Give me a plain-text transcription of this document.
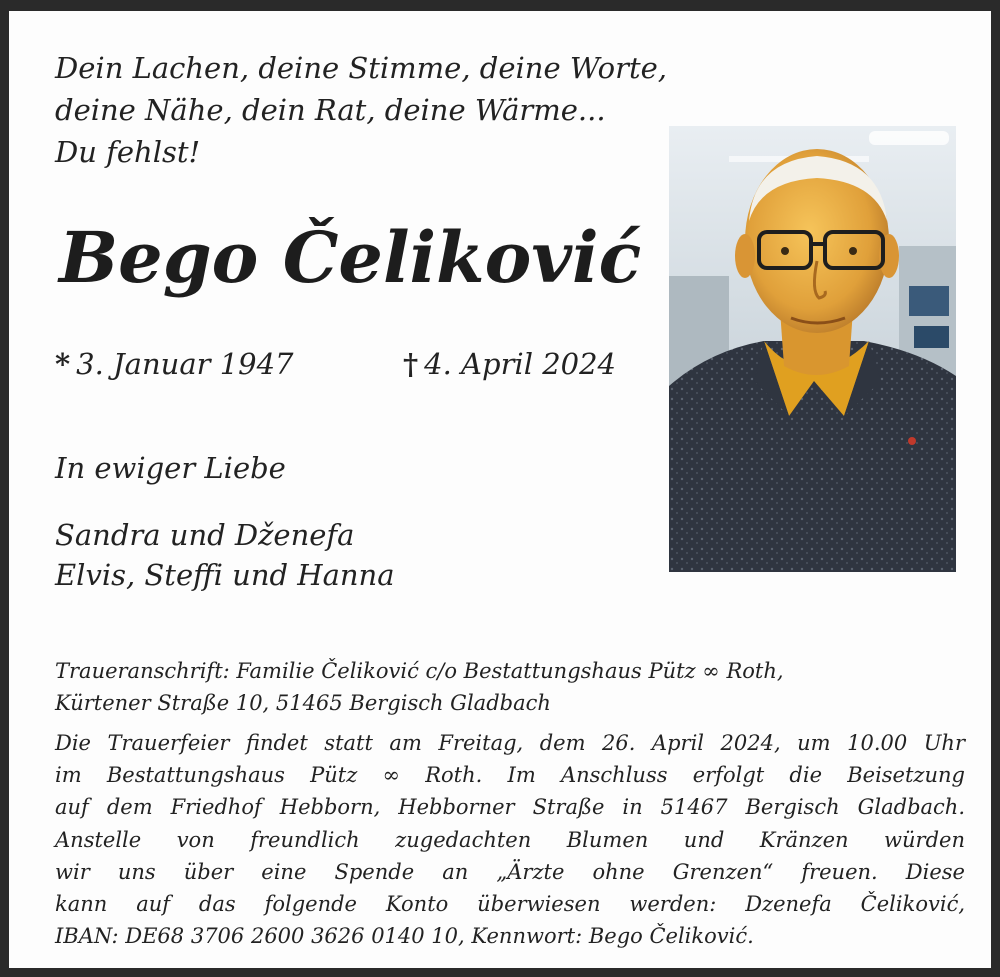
Dein Lachen, deine Stimme, deine Worte,
deine Nähe, dein Rat, deine Wärme...
Du fehlst!
Bego Čeliković
* 3. Januar 1947	† 4. April 2024
In ewiger Liebe
Sandra und Dženefa
Elvis, Steffi und Hanna
Traueranschrift: Familie Čeliković c/o Bestattungshaus Pütz ∞ Roth,
Kürtener Straße 10, 51465 Bergisch Gladbach
Die Trauerfeier findet statt am Freitag, dem 26. April 2024, um 10.00 Uhr
im Bestattungshaus Pütz ∞ Roth. Im Anschluss erfolgt die Beisetzung
auf dem Friedhof Hebborn, Hebborner Straße in 51467 Bergisch Gladbach.
Anstelle von freundlich zugedachten Blumen und Kränzen würden
wir uns über eine Spende an „Ärzte ohne Grenzen“ freuen. Diese
kann auf das folgende Konto überwiesen werden: Dzenefa Čeliković,
IBAN: DE68 3706 2600 3626 0140 10, Kennwort: Bego Čeliković.
